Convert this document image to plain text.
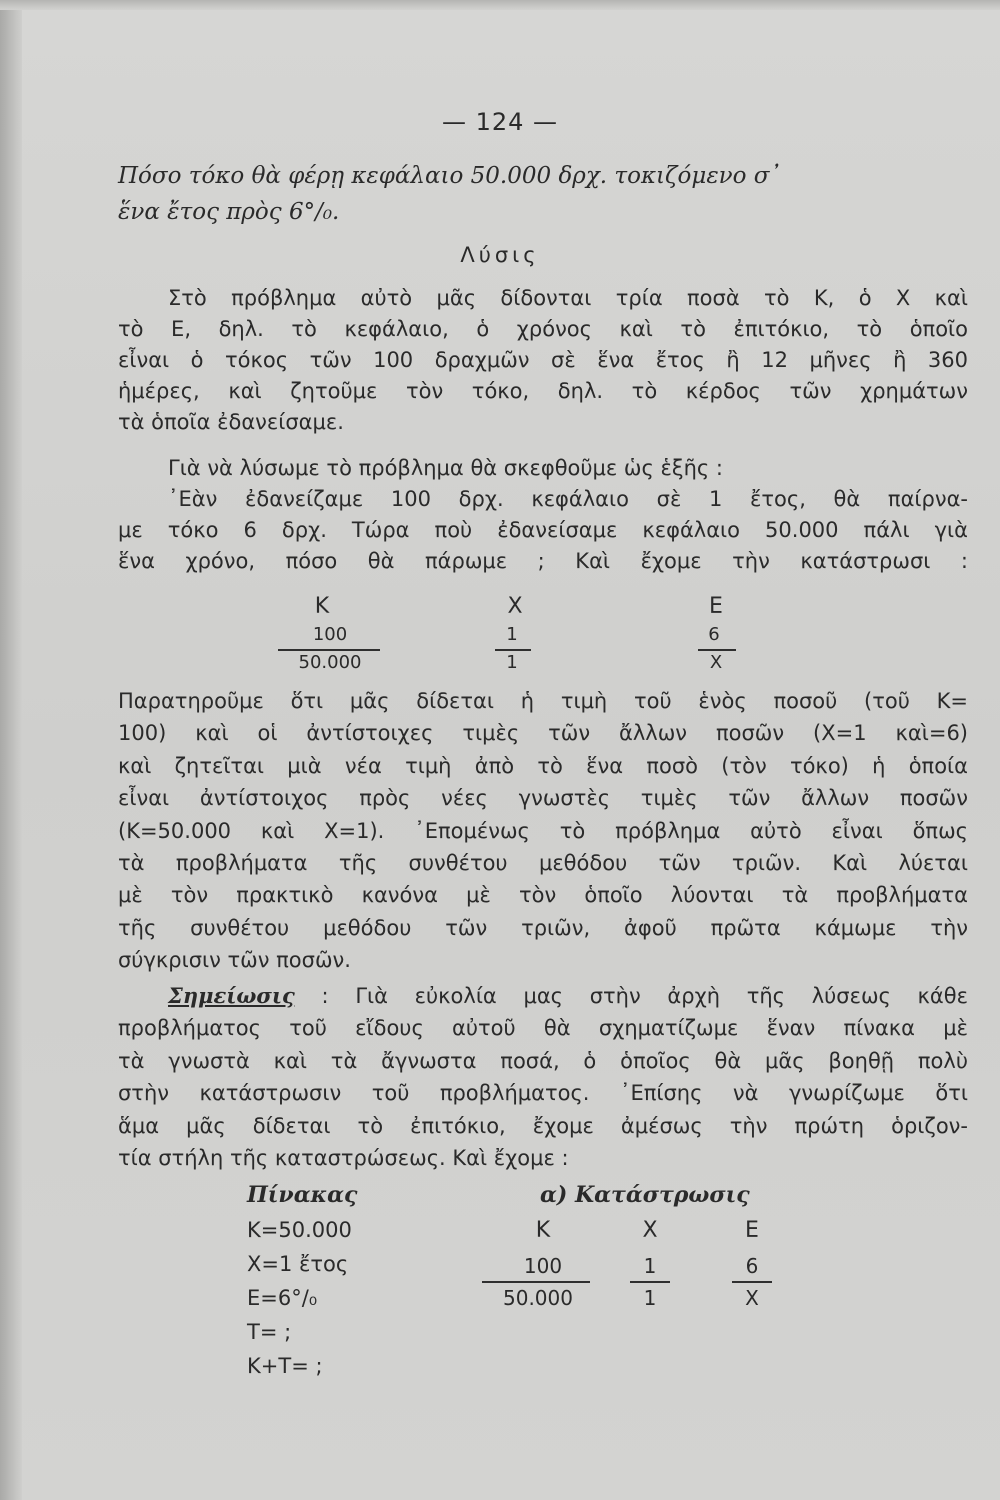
— 124 —
Πόσο τόκο θὰ φέρῃ κεφάλαιο 50.000 δρχ. τοκιζόμενο σ᾿
ἕνα ἔτος πρὸς 6°/₀.
Λύσις
Στὸ πρόβλημα αὐτὸ μᾶς δίδονται τρία ποσὰ τὸ Κ, ὁ Χ καὶ
τὸ Ε, δηλ. τὸ κεφάλαιο, ὁ χρόνος καὶ τὸ ἐπιτόκιο, τὸ ὁποῖο
εἶναι ὁ τόκος τῶν 100 δραχμῶν σὲ ἕνα ἔτος ἢ 12 μῆνες ἢ 360
ἡμέρες, καὶ ζητοῦμε τὸν τόκο, δηλ. τὸ κέρδος τῶν χρημάτων
τὰ ὁποῖα ἐδανείσαμε.
Γιὰ νὰ λύσωμε τὸ πρόβλημα θὰ σκεφθοῦμε ὡς ἑξῆς :
᾿Εὰν ἐδανείζαμε 100 δρχ. κεφάλαιο σὲ 1 ἔτος, θὰ παίρνα-
με τόκο 6 δρχ. Τώρα ποὺ ἐδανείσαμε κεφάλαιο 50.000 πάλι γιὰ
ἕνα χρόνο, πόσο θὰ πάρωμε ; Καὶ ἔχομε τὴν κατάστρωσι :
Κ	Χ	Ε
100	1	6
50.000	1	Χ
Παρατηροῦμε ὅτι μᾶς δίδεται ἡ τιμὴ τοῦ ἑνὸς ποσοῦ (τοῦ Κ=
100) καὶ οἱ ἀντίστοιχες τιμὲς τῶν ἄλλων ποσῶν (Χ=1 καὶ=6)
καὶ ζητεῖται μιὰ νέα τιμὴ ἀπὸ τὸ ἕνα ποσὸ (τὸν τόκο) ἡ ὁποία
εἶναι ἀντίστοιχος πρὸς νέες γνωστὲς τιμὲς τῶν ἄλλων ποσῶν
(Κ=50.000 καὶ Χ=1). ᾿Επομένως τὸ πρόβλημα αὐτὸ εἶναι ὅπως
τὰ προβλήματα τῆς συνθέτου μεθόδου τῶν τριῶν. Καὶ λύεται
μὲ τὸν πρακτικὸ κανόνα μὲ τὸν ὁποῖο λύονται τὰ προβλήματα
τῆς συνθέτου μεθόδου τῶν τριῶν, ἀφοῦ πρῶτα κάμωμε τὴν
σύγκρισιν τῶν ποσῶν.
Σημείωσις : Γιὰ εὐκολία μας στὴν ἀρχὴ τῆς λύσεως κάθε
προβλήματος τοῦ εἴδους αὐτοῦ θὰ σχηματίζωμε ἕναν πίνακα μὲ
τὰ γνωστὰ καὶ τὰ ἄγνωστα ποσά, ὁ ὁποῖος θὰ μᾶς βοηθῇ πολὺ
στὴν κατάστρωσιν τοῦ προβλήματος. ᾿Επίσης νὰ γνωρίζωμε ὅτι
ἅμα μᾶς δίδεται τὸ ἐπιτόκιο, ἔχομε ἀμέσως τὴν πρώτη ὁριζον-
τία στήλη τῆς καταστρώσεως. Καὶ ἔχομε :
Πίνακας
Κ=50.000
Χ=1 ἔτος
Ε=6°/₀
Τ= ;
Κ+Τ= ;
α) Κατάστρωσις
Κ	Χ	Ε
100	1	6
50.000	1	Χ
